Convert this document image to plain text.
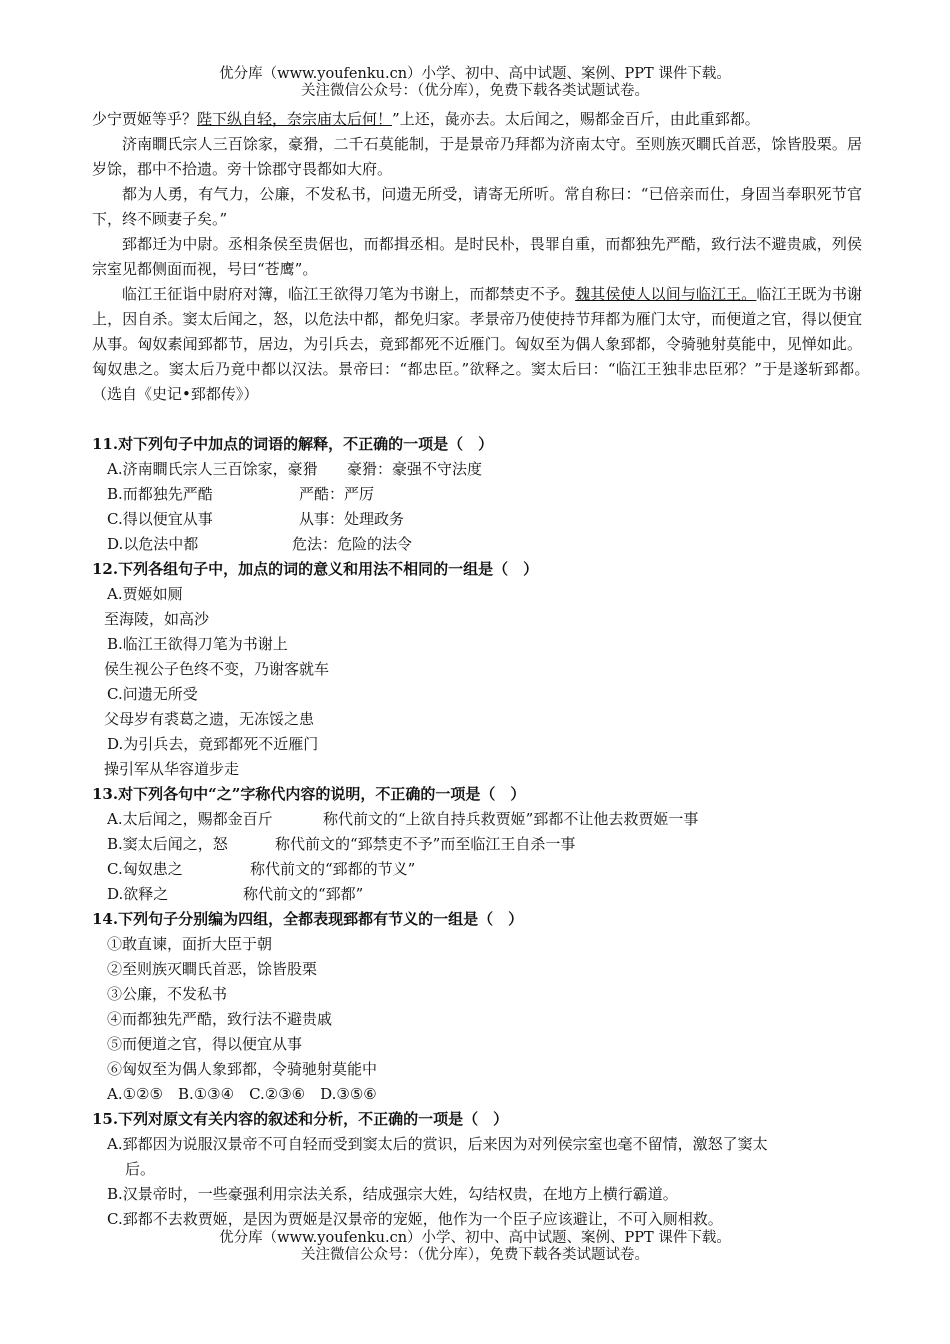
优分库（www.youfenku.cn）小学、初中、高中试题、案例、PPT 课件下载。
关注微信公众号：（优分库），免费下载各类试题试卷。
少宁贾姬等乎？陛下纵自轻，奈宗庙太后何！”上还，彘亦去。太后闻之，赐都金百斤，由此重郅都。
济南瞷氏宗人三百馀家，豪猾，二千石莫能制，于是景帝乃拜都为济南太守。至则族灭瞷氏首恶，馀皆股栗。居岁馀，郡中不拾遗。旁十馀郡守畏都如大府。
都为人勇，有气力，公廉，不发私书，问遗无所受，请寄无所听。常自称曰：“已倍亲而仕，身固当奉职死节官下，终不顾妻子矣。”
郅都迁为中尉。丞相条侯至贵倨也，而都揖丞相。是时民朴，畏罪自重，而都独先严酷，致行法不避贵戚，列侯宗室见都侧面而视，号曰“苍鹰”。
临江王征诣中尉府对簿，临江王欲得刀笔为书谢上，而都禁吏不予。魏其侯使人以间与临江王。临江王既为书谢上，因自杀。窦太后闻之，怒，以危法中都，都免归家。孝景帝乃使使持节拜都为雁门太守，而便道之官，得以便宜从事。匈奴素闻郅都节，居边，为引兵去，竟郅都死不近雁门。匈奴至为偶人象郅都，令骑驰射莫能中，见惮如此。匈奴患之。窦太后乃竟中都以汉法。景帝曰：“都忠臣。”欲释之。窦太后曰：“临江王独非忠臣邪？”于是遂斩郅都。　（选自《史记•郅都传》）
11.对下列句子中加点的词语的解释，不正确的一项是（　）
A.济南瞷氏宗人三百馀家，豪猾 豪猾：豪强不守法度
B.而都独先严酷	严酷：严厉
C.得以便宜从事	从事：处理政务
D.以危法中都	危法：危险的法令
12.下列各组句子中，加点的词的意义和用法不相同的一组是（　）
A.贾姬如厕
至海陵，如高沙
B.临江王欲得刀笔为书谢上
侯生视公子色终不变，乃谢客就车
C.问遗无所受
父母岁有裘葛之遗，无冻馁之患
D.为引兵去，竟郅都死不近雁门
操引军从华容道步走
13.对下列各句中“之”字称代内容的说明，不正确的一项是（　）
A.太后闻之，赐都金百斤	称代前文的“上欲自持兵救贾姬”郅都不让他去救贾姬一事
B.窦太后闻之，怒	称代前文的“郅禁吏不予”而至临江王自杀一事
C.匈奴患之	称代前文的“郅都的节义”
D.欲释之	称代前文的“郅都”
14.下列句子分别编为四组，全都表现郅都有节义的一组是（　）
①敢直谏，面折大臣于朝
②至则族灭瞷氏首恶，馀皆股栗
③公廉，不发私书
④而都独先严酷，致行法不避贵戚
⑤而便道之官，得以便宜从事
⑥匈奴至为偶人象郅都，令骑驰射莫能中
A.①②⑤　B.①③④　C.②③⑥　D.③⑤⑥
15.下列对原文有关内容的叙述和分析，不正确的一项是（　）
A.郅都因为说服汉景帝不可自轻而受到窦太后的赏识，后来因为对列侯宗室也毫不留情，激怒了窦太
后。
B.汉景帝时，一些豪强利用宗法关系，结成强宗大姓，勾结权贵，在地方上横行霸道。
C.郅都不去救贾姬，是因为贾姬是汉景帝的宠姬，他作为一个臣子应该避让，不可入厕相救。
优分库（www.youfenku.cn）小学、初中、高中试题、案例、PPT 课件下载。
关注微信公众号：（优分库），免费下载各类试题试卷。
